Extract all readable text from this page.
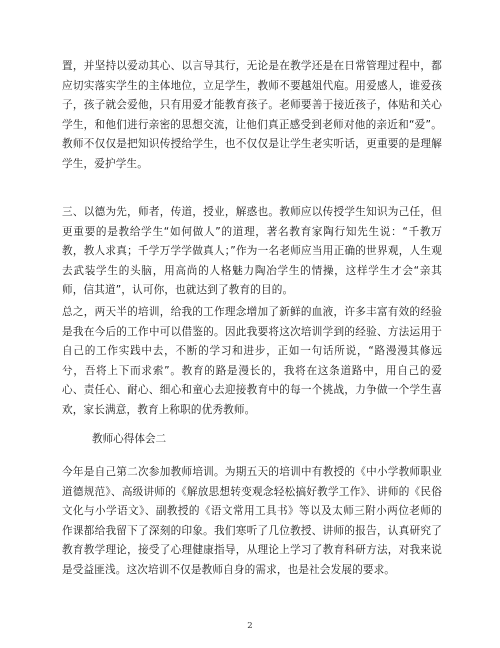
置，并坚持以爱动其心、以言导其行，无论是在教学还是在日常管理过程中，都应切实落实学生的主体地位，立足学生，教师不要越俎代庖。用爱感人，谁爱孩子，孩子就会爱他，只有用爱才能教育孩子。老师要善于接近孩子，体贴和关心学生，和他们进行亲密的思想交流，让他们真正感受到老师对他的亲近和“爱”。教师不仅仅是把知识传授给学生，也不仅仅是让学生老实听话，更重要的是理解学生，爱护学生。

三、以德为先，师者，传道，授业，解惑也。教师应以传授学生知识为己任，但更重要的是教给学生“如何做人”的道理，著名教育家陶行知先生说：“千教万教，教人求真；千学万学学做真人；”作为一名老师应当用正确的世界观，人生观去武装学生的头脑，用高尚的人格魅力陶冶学生的情操，这样学生才会“亲其师，信其道”，认可你，也就达到了教育的目的。

总之，两天半的培训，给我的工作理念增加了新鲜的血液，许多丰富有效的经验是我在今后的工作中可以借鉴的。因此我要将这次培训学到的经验、方法运用于自己的工作实践中去，不断的学习和进步，正如一句话所说，“路漫漫其修远兮，吾将上下而求索”。教育的路是漫长的，我将在这条道路中，用自己的爱心、责任心、耐心、细心和童心去迎接教育中的每一个挑战，力争做一个学生喜欢，家长满意，教育上称职的优秀教师。

教师心得体会二

今年是自己第二次参加教师培训。为期五天的培训中有教授的《中小学教师职业道德规范》、高级讲师的《解放思想转变观念轻松搞好教学工作》、讲师的《民俗文化与小学语文》、副教授的《语文常用工具书》等以及太师三附小两位老师的作课都给我留下了深刻的印象。我们寒听了几位教授、讲师的报告，认真研究了教育教学理论，接受了心理健康指导，从理论上学习了教育科研方法，对我来说是受益匪浅。这次培训不仅是教师自身的需求，也是社会发展的要求。

2
